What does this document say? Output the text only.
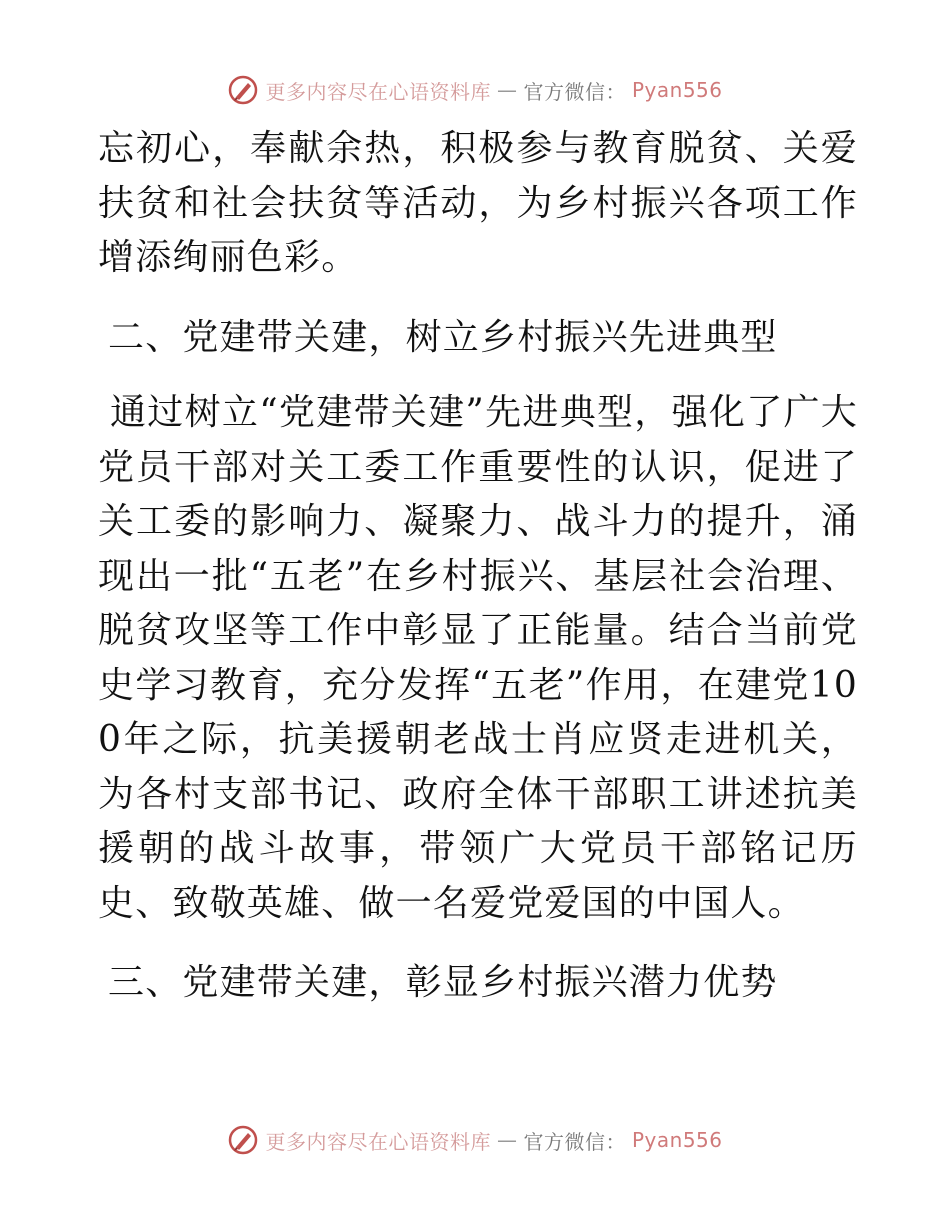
更多内容尽在心语资料库 — 官方微信： Pyan556

忘初心，奉献余热，积极参与教育脱贫、关爱扶贫和社会扶贫等活动，为乡村振兴各项工作增添绚丽色彩。

二、党建带关建，树立乡村振兴先进典型

通过树立“党建带关建”先进典型，强化了广大党员干部对关工委工作重要性的认识，促进了关工委的影响力、凝聚力、战斗力的提升，涌现出一批“五老”在乡村振兴、基层社会治理、脱贫攻坚等工作中彰显了正能量。结合当前党史学习教育，充分发挥“五老”作用，在建党100年之际，抗美援朝老战士肖应贤走进机关，为各村支部书记、政府全体干部职工讲述抗美援朝的战斗故事，带领广大党员干部铭记历史、致敬英雄、做一名爱党爱国的中国人。

三、党建带关建，彰显乡村振兴潜力优势

更多内容尽在心语资料库 — 官方微信： Pyan556
